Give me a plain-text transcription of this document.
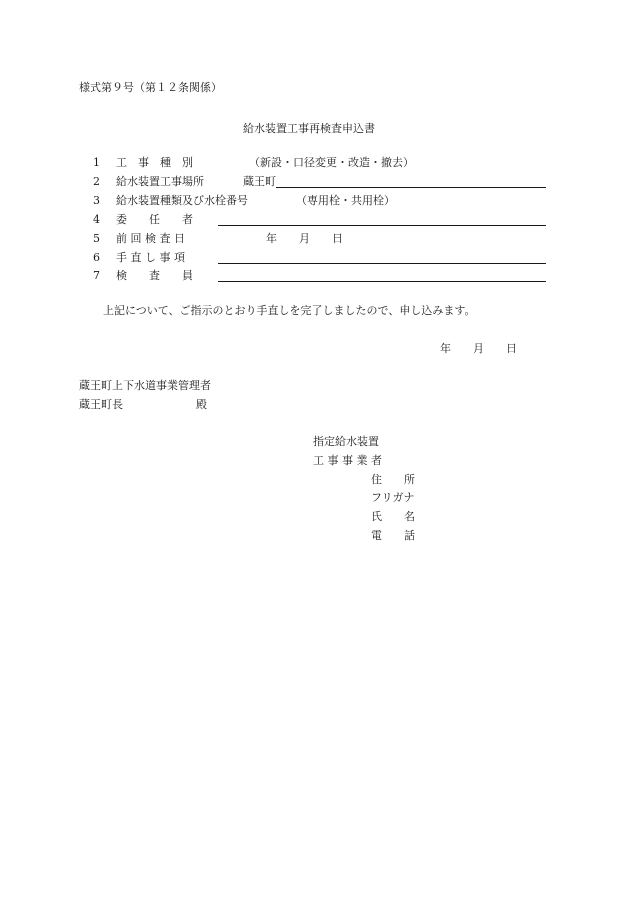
様式第９号（第１２条関係）
給水装置工事再検査申込書
1 工　事　種　別	（新設・口径変更・改造・撤去）
2 給水装置工事場所	蔵王町
3 給水装置種類及び水栓番号	（専用栓・共用栓）
4 委　　任　　者
5 前 回 検 査 日	年　　月　　日
6 手 直 し 事 項
7 検　　査　　員
上記について、ご指示のとおり手直しを完了しましたので、申し込みます。
年　　月　　日
蔵王町上下水道事業管理者
蔵王町長	殿
指定給水装置
工 事 事 業 者
住　　所
フリガナ
氏　　名
電　　話
